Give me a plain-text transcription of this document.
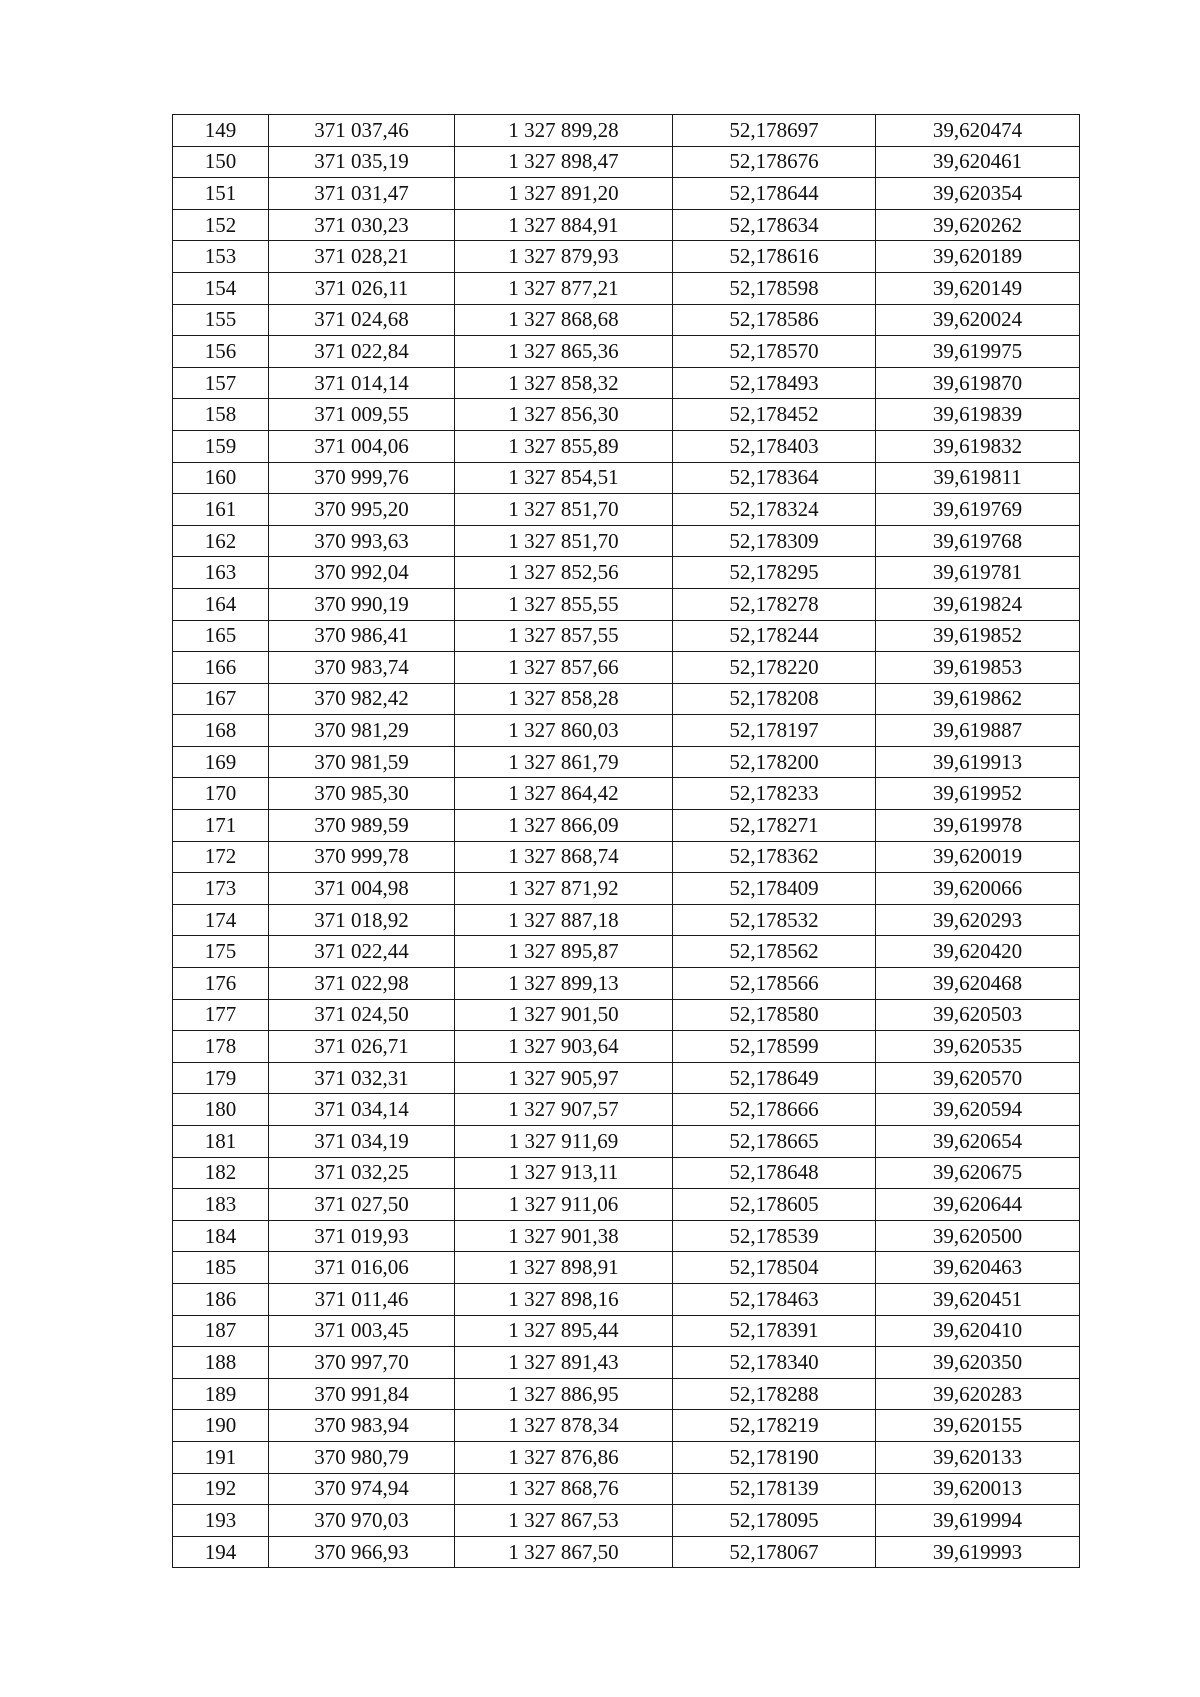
149	371 037,46	1 327 899,28	52,178697	39,620474
150	371 035,19	1 327 898,47	52,178676	39,620461
151	371 031,47	1 327 891,20	52,178644	39,620354
152	371 030,23	1 327 884,91	52,178634	39,620262
153	371 028,21	1 327 879,93	52,178616	39,620189
154	371 026,11	1 327 877,21	52,178598	39,620149
155	371 024,68	1 327 868,68	52,178586	39,620024
156	371 022,84	1 327 865,36	52,178570	39,619975
157	371 014,14	1 327 858,32	52,178493	39,619870
158	371 009,55	1 327 856,30	52,178452	39,619839
159	371 004,06	1 327 855,89	52,178403	39,619832
160	370 999,76	1 327 854,51	52,178364	39,619811
161	370 995,20	1 327 851,70	52,178324	39,619769
162	370 993,63	1 327 851,70	52,178309	39,619768
163	370 992,04	1 327 852,56	52,178295	39,619781
164	370 990,19	1 327 855,55	52,178278	39,619824
165	370 986,41	1 327 857,55	52,178244	39,619852
166	370 983,74	1 327 857,66	52,178220	39,619853
167	370 982,42	1 327 858,28	52,178208	39,619862
168	370 981,29	1 327 860,03	52,178197	39,619887
169	370 981,59	1 327 861,79	52,178200	39,619913
170	370 985,30	1 327 864,42	52,178233	39,619952
171	370 989,59	1 327 866,09	52,178271	39,619978
172	370 999,78	1 327 868,74	52,178362	39,620019
173	371 004,98	1 327 871,92	52,178409	39,620066
174	371 018,92	1 327 887,18	52,178532	39,620293
175	371 022,44	1 327 895,87	52,178562	39,620420
176	371 022,98	1 327 899,13	52,178566	39,620468
177	371 024,50	1 327 901,50	52,178580	39,620503
178	371 026,71	1 327 903,64	52,178599	39,620535
179	371 032,31	1 327 905,97	52,178649	39,620570
180	371 034,14	1 327 907,57	52,178666	39,620594
181	371 034,19	1 327 911,69	52,178665	39,620654
182	371 032,25	1 327 913,11	52,178648	39,620675
183	371 027,50	1 327 911,06	52,178605	39,620644
184	371 019,93	1 327 901,38	52,178539	39,620500
185	371 016,06	1 327 898,91	52,178504	39,620463
186	371 011,46	1 327 898,16	52,178463	39,620451
187	371 003,45	1 327 895,44	52,178391	39,620410
188	370 997,70	1 327 891,43	52,178340	39,620350
189	370 991,84	1 327 886,95	52,178288	39,620283
190	370 983,94	1 327 878,34	52,178219	39,620155
191	370 980,79	1 327 876,86	52,178190	39,620133
192	370 974,94	1 327 868,76	52,178139	39,620013
193	370 970,03	1 327 867,53	52,178095	39,619994
194	370 966,93	1 327 867,50	52,178067	39,619993
